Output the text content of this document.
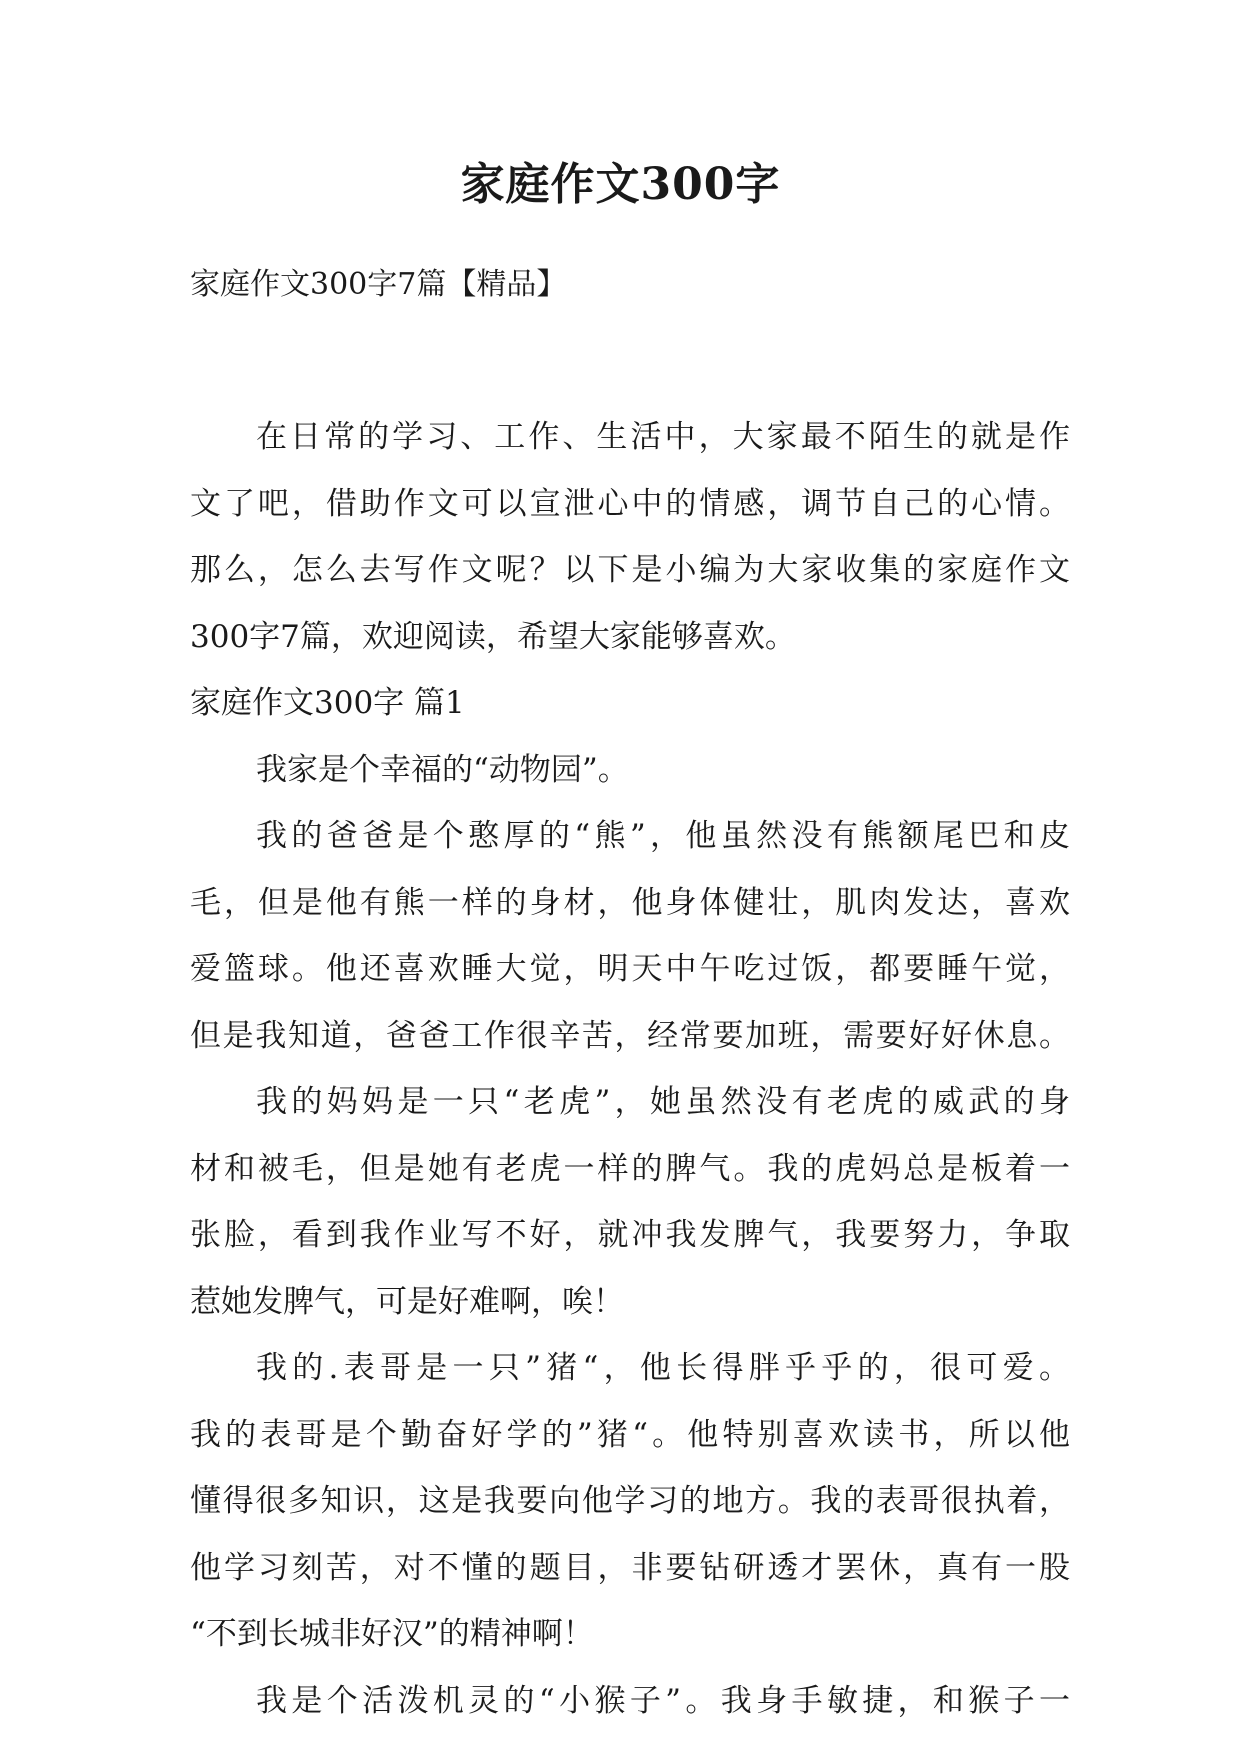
家庭作文300字
家庭作文300字7篇【精品】
在日常的学习、工作、生活中，大家最不陌生的就是作
文了吧，借助作文可以宣泄心中的情感，调节自己的心情。
那么，怎么去写作文呢？以下是小编为大家收集的家庭作文
300字7篇，欢迎阅读，希望大家能够喜欢。
家庭作文300字 篇1
我家是个幸福的“动物园”。
我的爸爸是个憨厚的“熊”，他虽然没有熊额尾巴和皮
毛，但是他有熊一样的身材，他身体健壮，肌肉发达，喜欢
爱篮球。他还喜欢睡大觉，明天中午吃过饭，都要睡午觉，
但是我知道，爸爸工作很辛苦，经常要加班，需要好好休息。
我的妈妈是一只“老虎”，她虽然没有老虎的威武的身
材和被毛，但是她有老虎一样的脾气。我的虎妈总是板着一
张脸，看到我作业写不好，就冲我发脾气，我要努力，争取
惹她发脾气，可是好难啊，唉！
我的.表哥是一只”猪“，他长得胖乎乎的，很可爱。
我的表哥是个勤奋好学的”猪“。他特别喜欢读书，所以他
懂得很多知识，这是我要向他学习的地方。我的表哥很执着，
他学习刻苦，对不懂的题目，非要钻研透才罢休，真有一股
“不到长城非好汉”的精神啊！
我是个活泼机灵的“小猴子”。我身手敏捷，和猴子一
